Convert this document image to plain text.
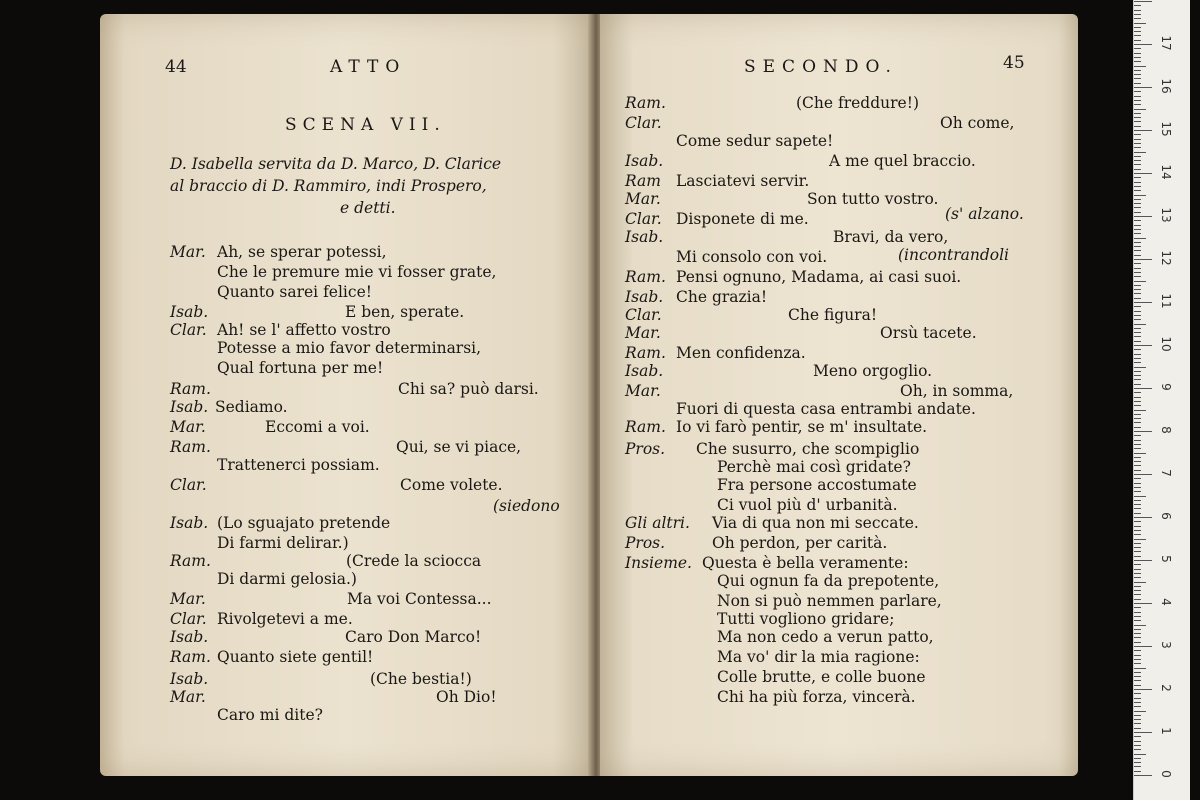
44	ATTO
SCENA VII.
D. Isabella servita da D. Marco, D. Clarice
al braccio di D. Rammiro, indi Prospero,
e detti.
Mar. Ah, se sperar potessi,
Che le premure mie vi fosser grate,
Quanto sarei felice!
Isab.	E ben, sperate.
Clar. Ah! se l' affetto vostro
Potesse a mio favor determinarsi,
Qual fortuna per me!
Ram.	Chi sa? può darsi.
Isab. Sediamo.
Mar.	Eccomi a voi.
Ram.	Qui, se vi piace,
Trattenerci possiam.
Clar.	Come volete.
(siedono
Isab. (Lo sguajato pretende
Di farmi delirar.)
Ram.	(Crede la sciocca
Di darmi gelosia.)
Mar.	Ma voi Contessa...
Clar. Rivolgetevi a me.
Isab.	Caro Don Marco!
Ram. Quanto siete gentil!
Isab.	(Che bestia!)
Mar.	Oh Dio!
Caro mi dite?
SECONDO.	45
Ram.	(Che freddure!)
Clar.	Oh come,
Come sedur sapete!
Isab.	A me quel braccio.
Ram Lasciatevi servir.
Mar.	Son tutto vostro.
Clar. Disponete di me.	(s' alzano.
Isab.	Bravi, da vero,
Mi consolo con voi.	(incontrandoli
Ram. Pensi ognuno, Madama, ai casi suoi.
Isab. Che grazia!
Clar.	Che figura!
Mar.	Orsù tacete.
Ram. Men confidenza.
Isab.	Meno orgoglio.
Mar.	Oh, in somma,
Fuori di questa casa entrambi andate.
Ram. Io vi farò pentir, se m' insultate.
Pros. Che susurro, che scompiglio
Perchè mai così gridate?
Fra persone accostumate
Ci vuol più d' urbanità.
Gli altri. Via di qua non mi seccate.
Pros.	Oh perdon, per carità.
Insieme. Questa è bella veramente:
Qui ognun fa da prepotente,
Non si può nemmen parlare,
Tutti vogliono gridare;
Ma non cedo a verun patto,
Ma vo' dir la mia ragione:
Colle brutte, e colle buone
Chi ha più forza, vincerà.
0
1
2
3
4
5
6
7
8
9
10
11
12
13
14
15
16
17
